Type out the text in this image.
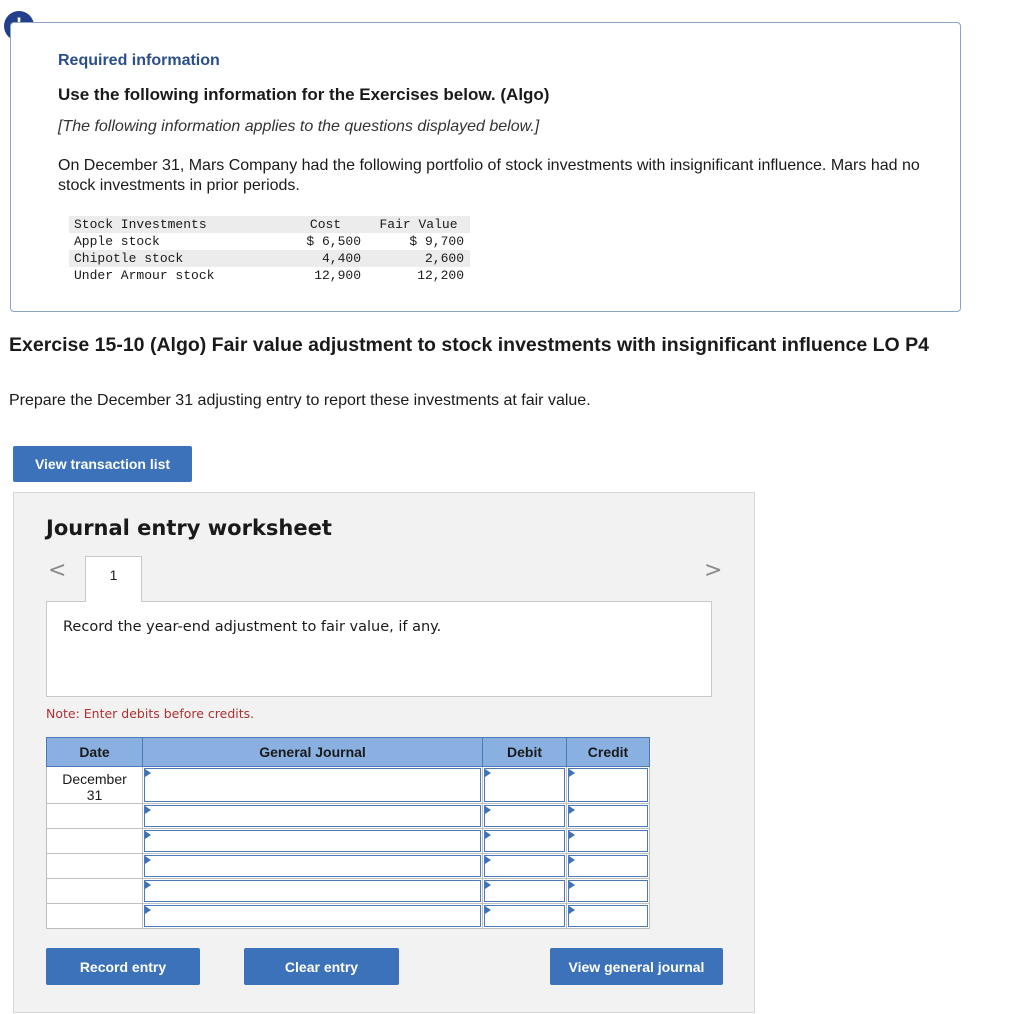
Required information
Use the following information for the Exercises below. (Algo)
[The following information applies to the questions displayed below.]
On December 31, Mars Company had the following portfolio of stock investments with insignificant influence. Mars had no stock investments in prior periods.
Stock Investments	Cost	Fair Value
Apple stock	$ 6,500	$ 9,700
Chipotle stock	4,400	2,600
Under Armour stock	12,900	12,200
Exercise 15-10 (Algo) Fair value adjustment to stock investments with insignificant influence LO P4
Prepare the December 31 adjusting entry to report these investments at fair value.
View transaction list
Journal entry worksheet
<	1	>
Record the year-end adjustment to fair value, if any.
Note: Enter debits before credits.
Date	General Journal	Debit	Credit

December
31			

Record entry	Clear entry	View general journal
